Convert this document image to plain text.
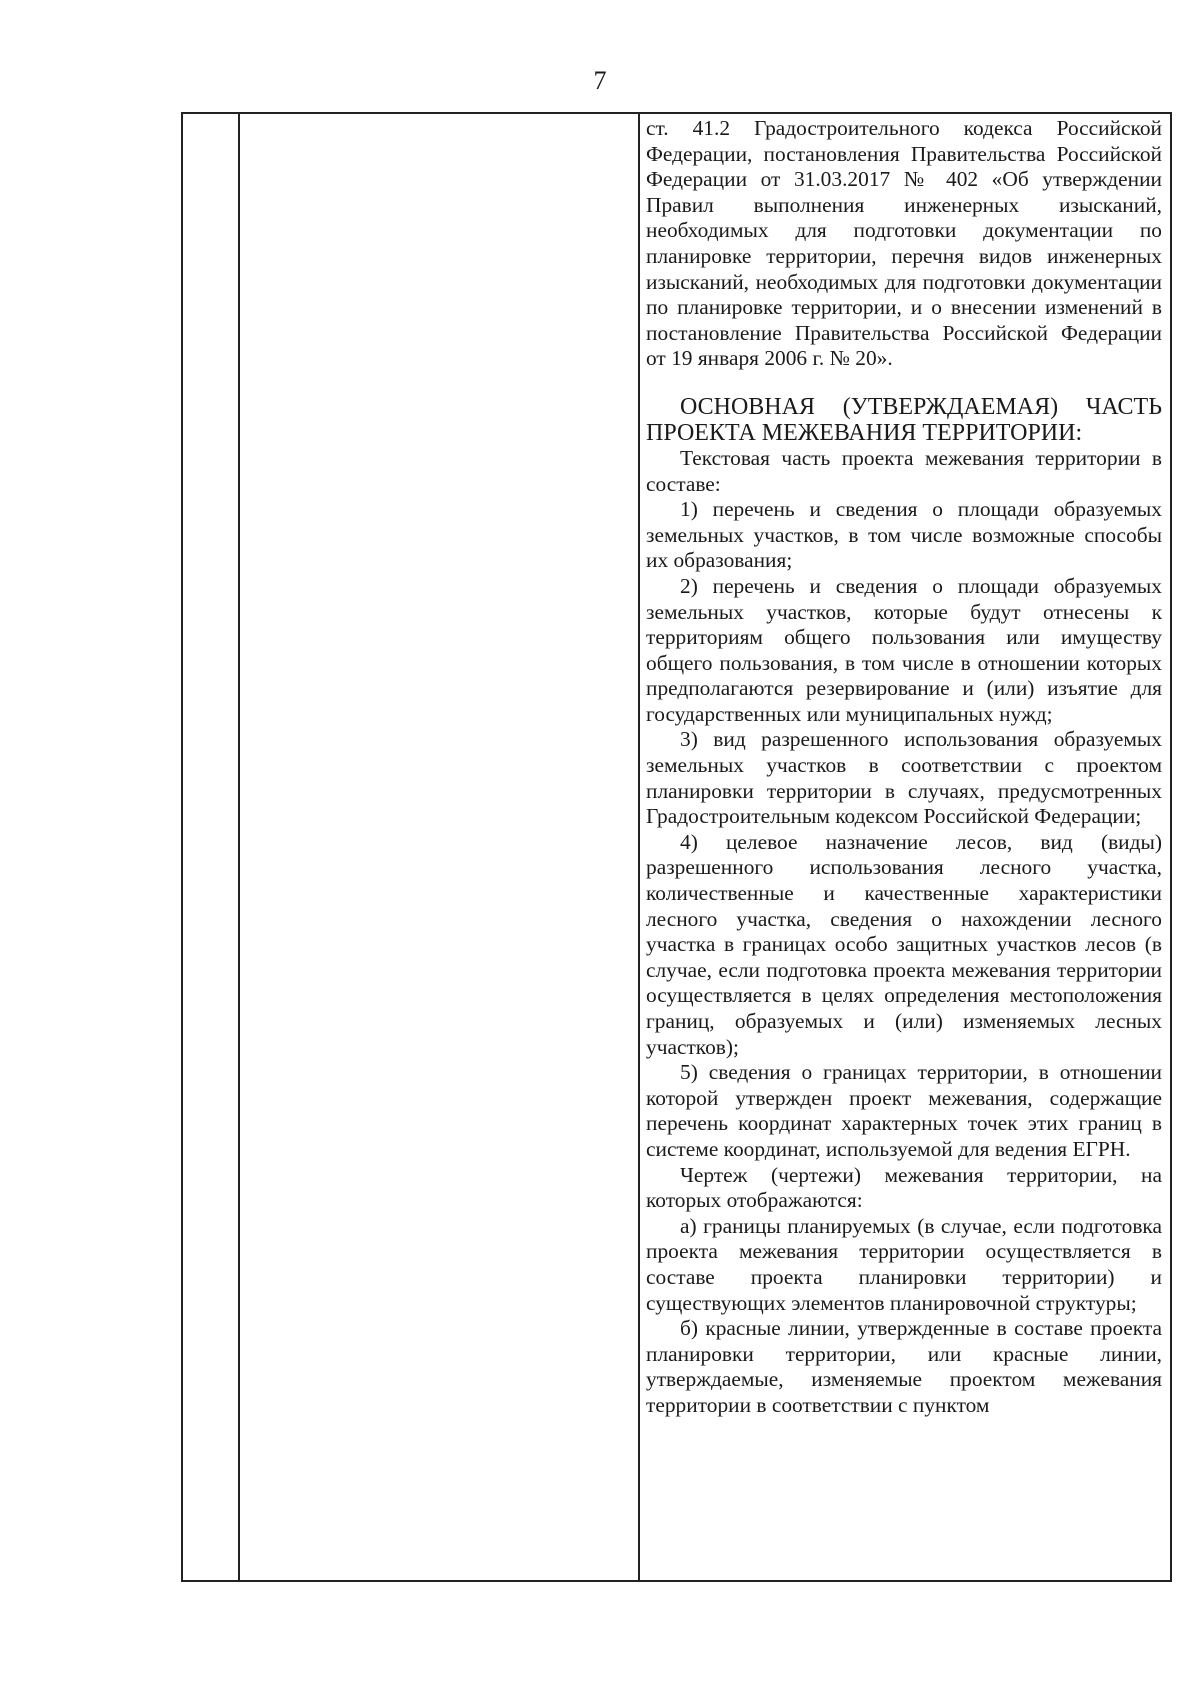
7

ст. 41.2 Градостроительного кодекса Российской Федерации, постановления Правительства Российской Федерации от 31.03.2017 № 402 «Об утверждении Правил выполнения инженерных изысканий, необходимых для подготовки документации по планировке территории, перечня видов инженерных изысканий, необходимых для подготовки документации по планировке территории, и о внесении изменений в постановление Правительства Российской Федерации от 19 января 2006 г. № 20».

ОСНОВНАЯ (УТВЕРЖДАЕМАЯ) ЧАСТЬ ПРОЕКТА МЕЖЕВАНИЯ ТЕРРИТОРИИ:

Текстовая часть проекта межевания территории в составе:

1) перечень и сведения о площади образуемых земельных участков, в том числе возможные способы их образования;

2) перечень и сведения о площади образуемых земельных участков, которые будут отнесены к территориям общего пользования или имуществу общего пользования, в том числе в отношении которых предполагаются резервирование и (или) изъятие для государственных или муниципальных нужд;

3) вид разрешенного использования образуемых земельных участков в соответствии с проектом планировки территории в случаях, предусмотренных Градостроительным кодексом Российской Федерации;

4) целевое назначение лесов, вид (виды) разрешенного использования лесного участка, количественные и качественные характеристики лесного участка, сведения о нахождении лесного участка в границах особо защитных участков лесов (в случае, если подготовка проекта межевания территории осуществляется в целях определения местоположения границ, образуемых и (или) изменяемых лесных участков);

5) сведения о границах территории, в отношении которой утвержден проект межевания, содержащие перечень координат характерных точек этих границ в системе координат, используемой для ведения ЕГРН.

Чертеж (чертежи) межевания территории, на которых отображаются:

а) границы планируемых (в случае, если подготовка проекта межевания территории осуществляется в составе проекта планировки территории) и существующих элементов планировочной структуры;

б) красные линии, утвержденные в составе проекта планировки территории, или красные линии, утверждаемые, изменяемые проектом межевания территории в соответствии с пунктом
